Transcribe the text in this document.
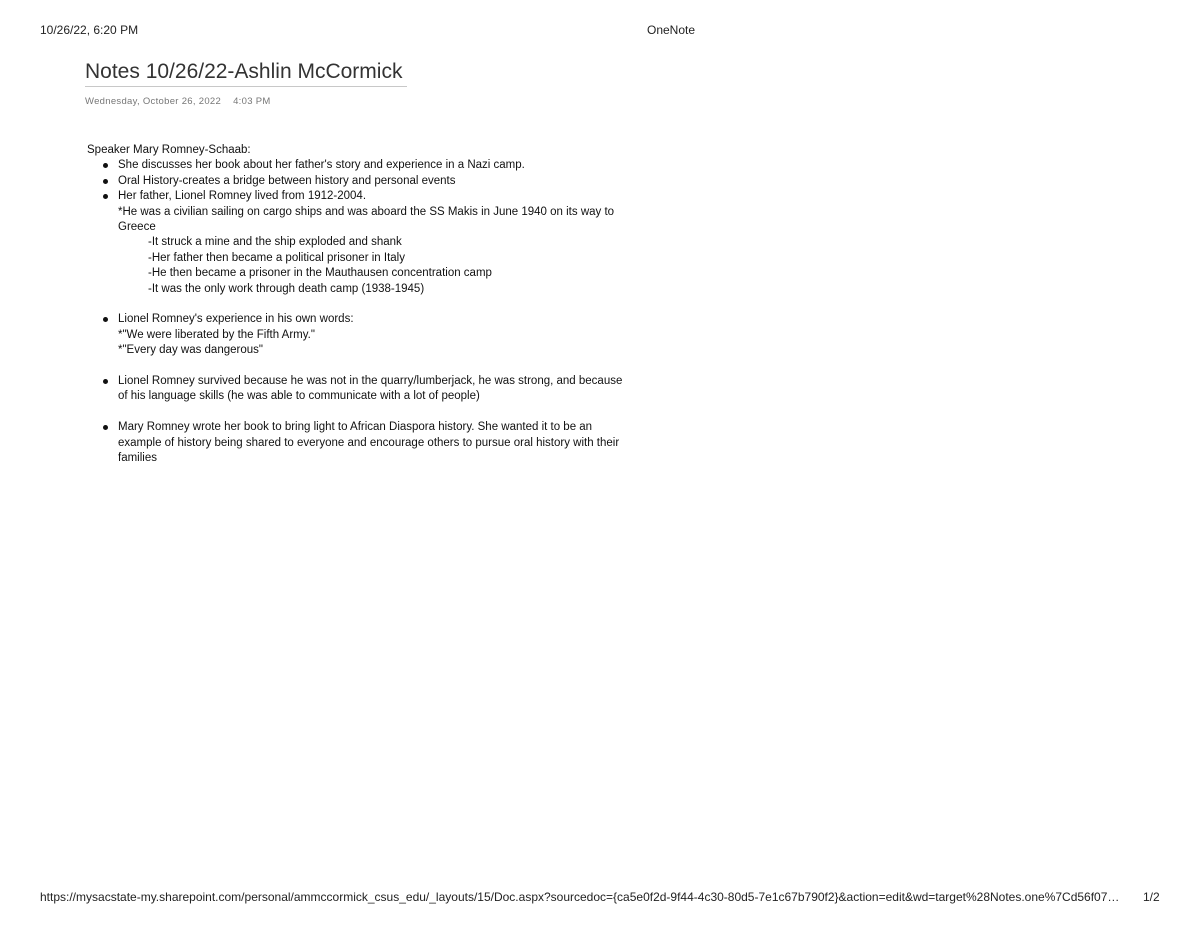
10/26/22, 6:20 PM	OneNote
Notes 10/26/22-Ashlin McCormick
Wednesday, October 26, 2022 4:03 PM

Speaker Mary Romney-Schaab:

She discusses her book about her father's story and experience in a Nazi camp.
Oral History-creates a bridge between history and personal events
Her father, Lionel Romney lived from 1912-2004.

*He was a civilian sailing on cargo ships and was aboard the SS Makis in June 1940 on its way to Greece

-It struck a mine and the ship exploded and shank

-Her father then became a political prisoner in Italy

-He then became a prisoner in the Mauthausen concentration camp

-It was the only work through death camp (1938-1945)

Lionel Romney's experience in his own words:

*"We were liberated by the Fifth Army."

*"Every day was dangerous"

Lionel Romney survived because he was not in the quarry/lumberjack, he was strong, and because of his language skills (he was able to communicate with a lot of people)
Mary Romney wrote her book to bring light to African Diaspora history. She wanted it to be an example of history being shared to everyone and encourage others to pursue oral history with their families
https://mysacstate-my.sharepoint.com/personal/ammccormick_csus_edu/_layouts/15/Doc.aspx?sourcedoc={ca5e0f2d-9f44-4c30-80d5-7e1c67b790f2}&action=edit&wd=target%28Notes.one%7Cd56f07… 1/2
